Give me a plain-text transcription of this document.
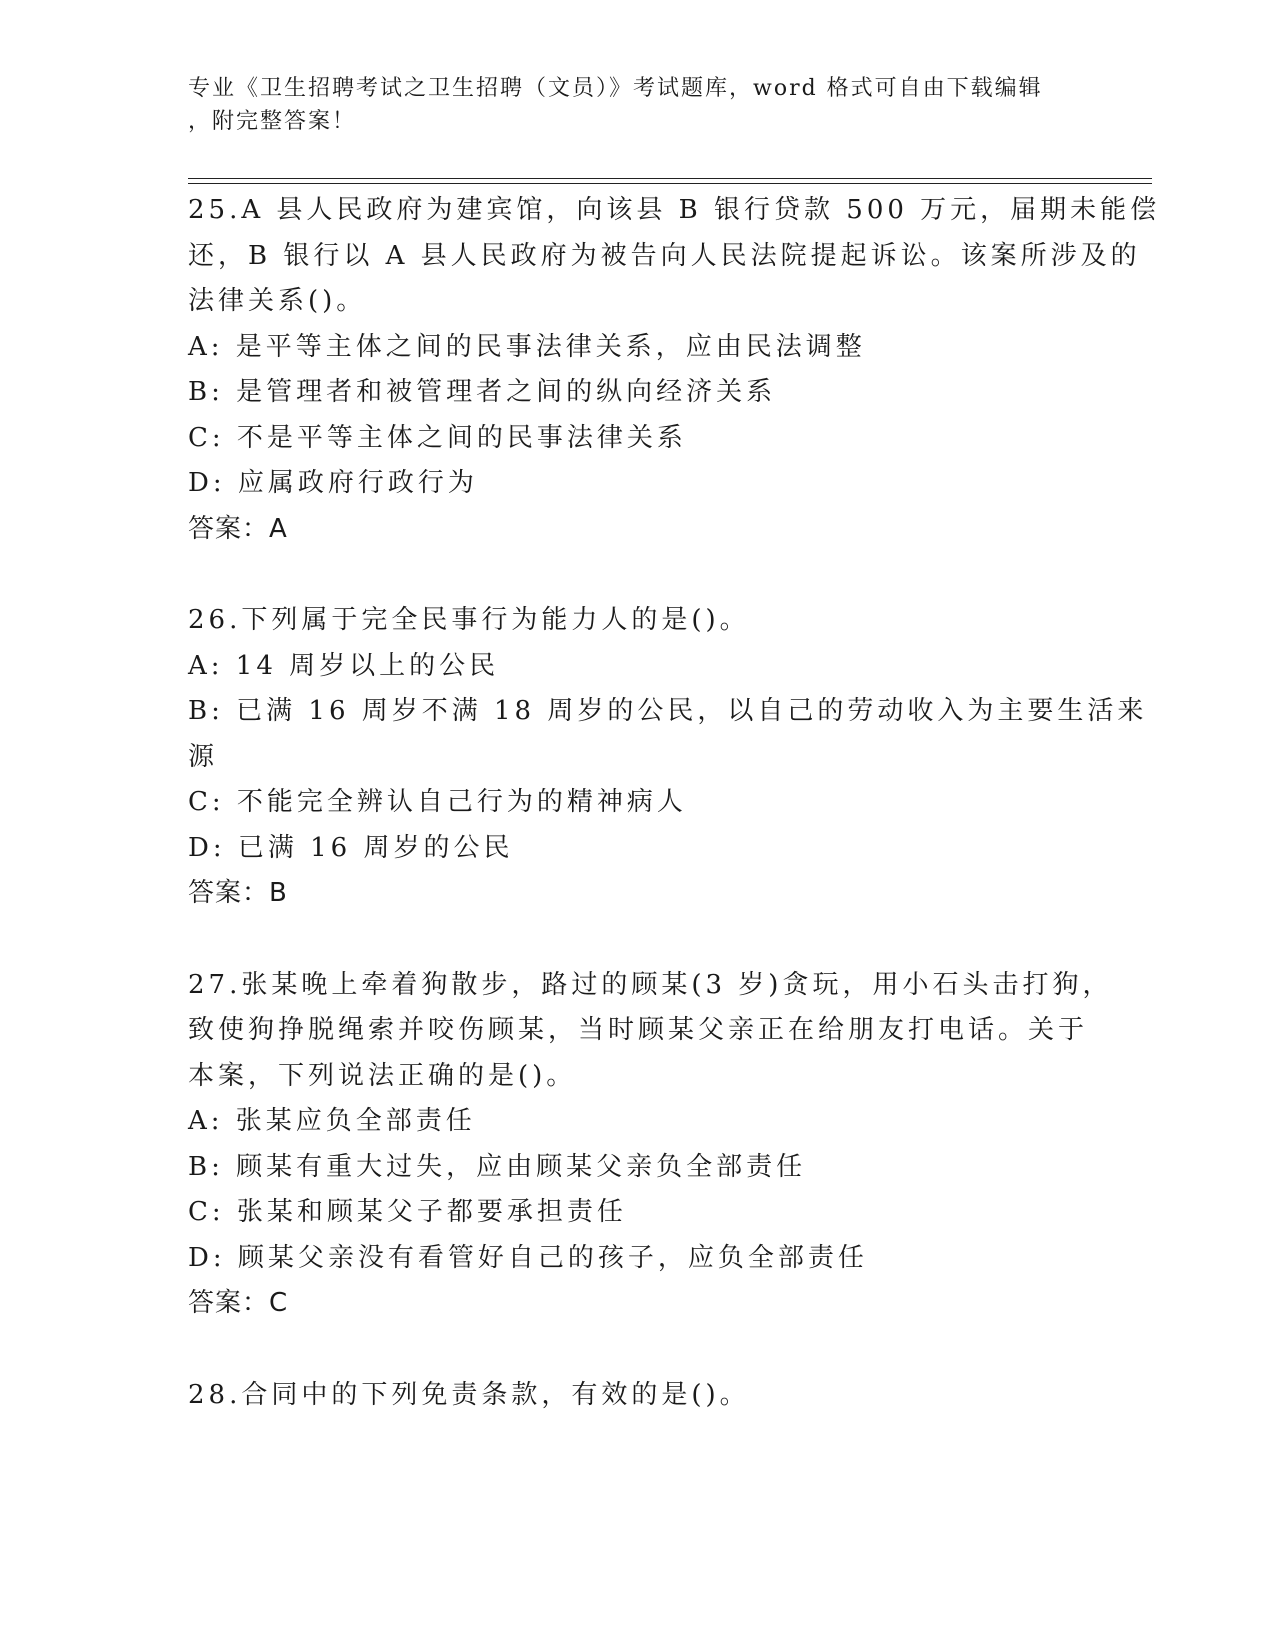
专业《卫生招聘考试之卫生招聘（文员）》考试题库，word 格式可自由下载编辑
，附完整答案！
25.A 县人民政府为建宾馆，向该县 B 银行贷款 500 万元，届期未能偿
还，B 银行以 A 县人民政府为被告向人民法院提起诉讼。该案所涉及的
法律关系()。
A: 是平等主体之间的民事法律关系，应由民法调整
B: 是管理者和被管理者之间的纵向经济关系
C: 不是平等主体之间的民事法律关系
D: 应属政府行政行为
答案：A
26.下列属于完全民事行为能力人的是()。
A: 14 周岁以上的公民
B: 已满 16 周岁不满 18 周岁的公民，以自己的劳动收入为主要生活来
源
C: 不能完全辨认自己行为的精神病人
D: 已满 16 周岁的公民
答案：B
27.张某晚上牵着狗散步，路过的顾某(3 岁)贪玩，用小石头击打狗，
致使狗挣脱绳索并咬伤顾某，当时顾某父亲正在给朋友打电话。关于
本案，下列说法正确的是()。
A: 张某应负全部责任
B: 顾某有重大过失，应由顾某父亲负全部责任
C: 张某和顾某父子都要承担责任
D: 顾某父亲没有看管好自己的孩子，应负全部责任
答案：C
28.合同中的下列免责条款，有效的是()。
